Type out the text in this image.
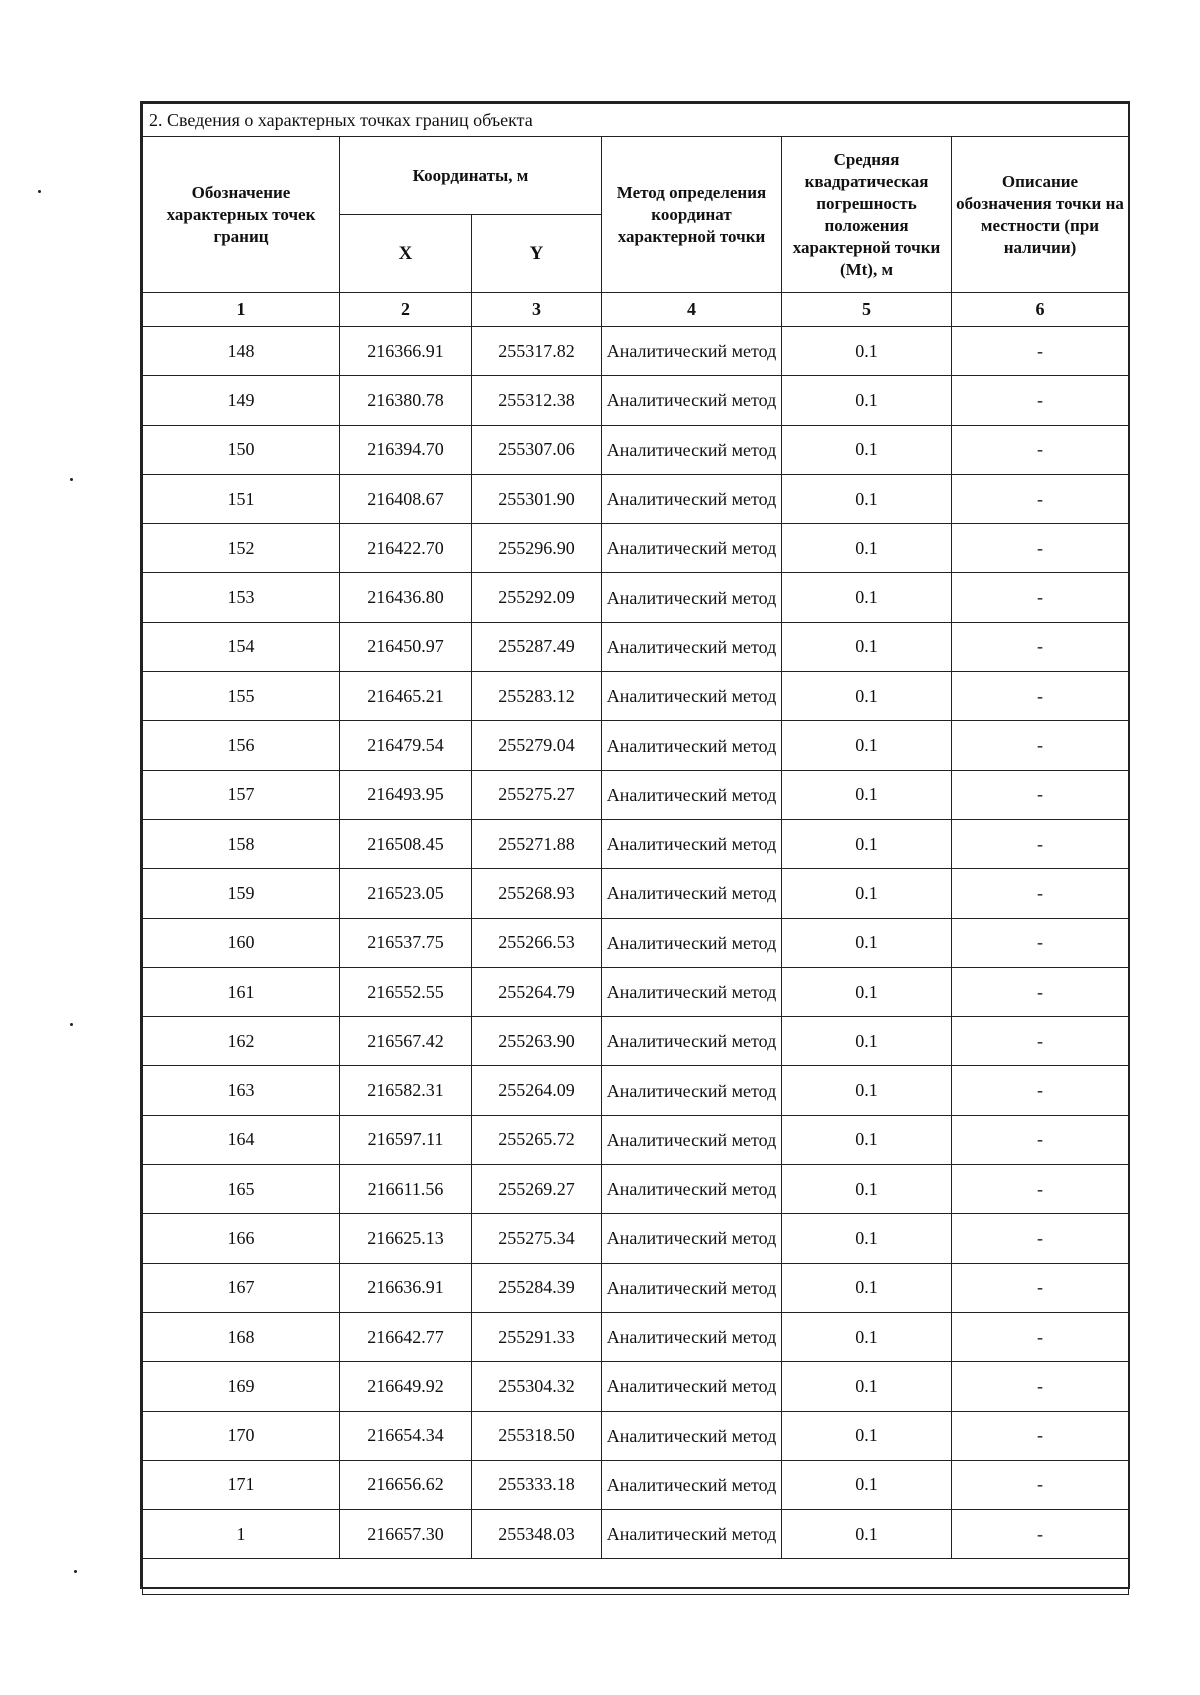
2. Сведения о характерных точках границ объекта					
Обозначение характерных точек границ	Координаты, м		Метод определения координат характерной точки	Средняя квадратическая погрешность положения характерной точки (Mt), м	Описание обозначения точки на местности (при наличии)
	X	Y			
1	2	3	4	5	6
148	216366.91	255317.82	Аналитический метод	0.1	-
149	216380.78	255312.38	Аналитический метод	0.1	-
150	216394.70	255307.06	Аналитический метод	0.1	-
151	216408.67	255301.90	Аналитический метод	0.1	-
152	216422.70	255296.90	Аналитический метод	0.1	-
153	216436.80	255292.09	Аналитический метод	0.1	-
154	216450.97	255287.49	Аналитический метод	0.1	-
155	216465.21	255283.12	Аналитический метод	0.1	-
156	216479.54	255279.04	Аналитический метод	0.1	-
157	216493.95	255275.27	Аналитический метод	0.1	-
158	216508.45	255271.88	Аналитический метод	0.1	-
159	216523.05	255268.93	Аналитический метод	0.1	-
160	216537.75	255266.53	Аналитический метод	0.1	-
161	216552.55	255264.79	Аналитический метод	0.1	-
162	216567.42	255263.90	Аналитический метод	0.1	-
163	216582.31	255264.09	Аналитический метод	0.1	-
164	216597.11	255265.72	Аналитический метод	0.1	-
165	216611.56	255269.27	Аналитический метод	0.1	-
166	216625.13	255275.34	Аналитический метод	0.1	-
167	216636.91	255284.39	Аналитический метод	0.1	-
168	216642.77	255291.33	Аналитический метод	0.1	-
169	216649.92	255304.32	Аналитический метод	0.1	-
170	216654.34	255318.50	Аналитический метод	0.1	-
171	216656.62	255333.18	Аналитический метод	0.1	-
1	216657.30	255348.03	Аналитический метод	0.1	-
